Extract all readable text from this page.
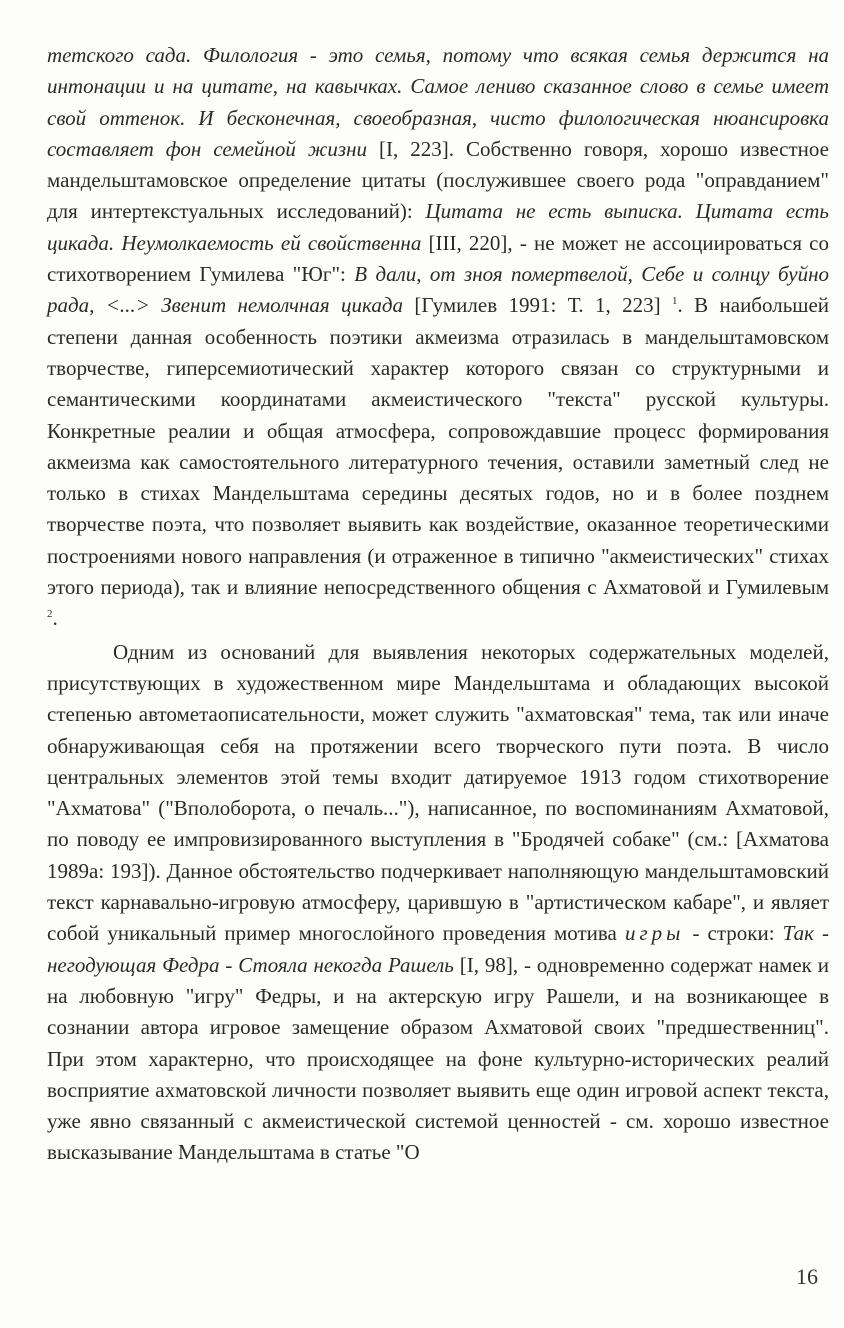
тетского сада. Филология - это семья, потому что всякая семья держится на интонации и на цитате, на кавычках. Самое лениво сказанное слово в семье имеет свой оттенок. И бесконечная, своеобразная, чисто филологическая нюансировка составляет фон семейной жизни [I, 223]. Собственно говоря, хорошо известное мандельштамовское определение цитаты (послужившее своего рода "оправданием" для интертекстуальных исследований): Цитата не есть выписка. Цитата есть цикада. Неумолкаемость ей свойственна [III, 220], - не может не ассоциироваться со стихотворением Гумилева "Юг": В дали, от зноя помертвелой, Себе и солнцу буйно рада, <...> Звенит немолчная цикада [Гумилев 1991: Т. 1, 223] $^1$. В наибольшей степени данная особенность поэтики акмеизма отразилась в мандельштамовском творчестве, гиперсемиотический характер которого связан со структурными и семантическими координатами акмеистического "текста" русской культуры. Конкретные реалии и общая атмосфера, сопровождавшие процесс формирования акмеизма как самостоятельного литературного течения, оставили заметный след не только в стихах Мандельштама середины десятых годов, но и в более позднем творчестве поэта, что позволяет выявить как воздействие, оказанное теоретическими построениями нового направления (и отраженное в типично "акмеистических" стихах этого периода), так и влияние непосредственного общения с Ахматовой и Гумилевым $^2$.

Одним из оснований для выявления некоторых содержательных моделей, присутствующих в художественном мире Мандельштама и обладающих высокой степенью автометаописательности, может служить "ахматовская" тема, так или иначе обнаруживающая себя на протяжении всего творческого пути поэта. В число центральных элементов этой темы входит датируемое 1913 годом стихотворение "Ахматова" ("Вполоборота, о печаль..."), написанное, по воспоминаниям Ахматовой, по поводу ее импровизированного выступления в "Бродячей собаке" (см.: [Ахматова 1989а: 193]). Данное обстоятельство подчеркивает наполняющую мандельштамовский текст карнавально-игровую атмосферу, царившую в "артистическом кабаре", и являет собой уникальный пример многослойного проведения мотива игры - строки: Так - негодующая Федра - Стояла некогда Рашель [I, 98], - одновременно содержат намек и на любовную "игру" Федры, и на актерскую игру Рашели, и на возникающее в сознании автора игровое замещение образом Ахматовой своих "предшественниц". При этом характерно, что происходящее на фоне культурно-исторических реалий восприятие ахматовской личности позволяет выявить еще один игровой аспект текста, уже явно связанный с акмеистической системой ценностей - см. хорошо известное высказывание Мандельштама в статье "О

16
